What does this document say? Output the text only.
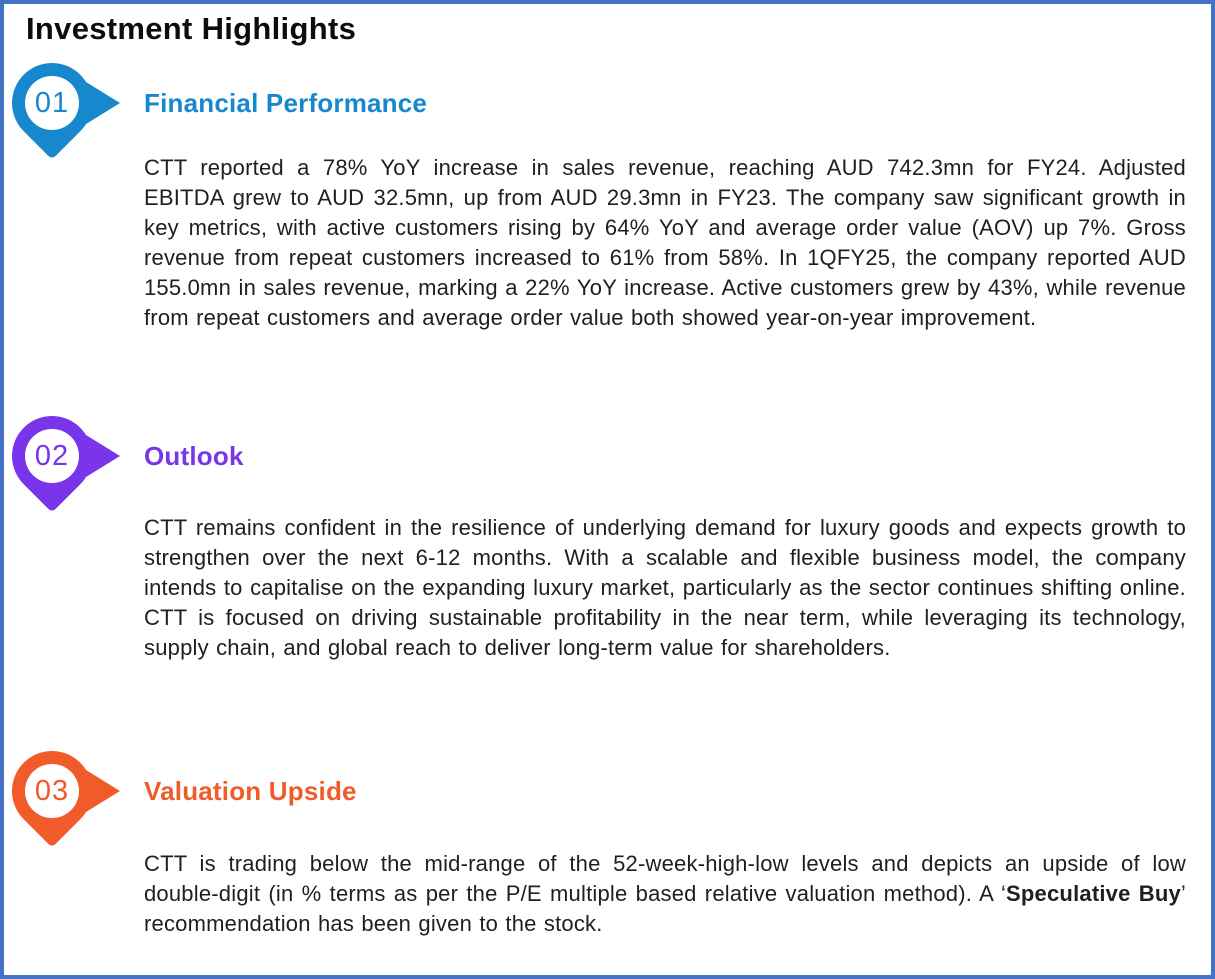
Investment Highlights
01	Financial Performance

CTT reported a 78% YoY increase in sales revenue, reaching AUD 742.3mn for FY24. Adjusted EBITDA grew to AUD 32.5mn, up from AUD 29.3mn in FY23. The company saw significant growth in key metrics, with active customers rising by 64% YoY and average order value (AOV) up 7%. Gross revenue from repeat customers increased to 61% from 58%. In 1QFY25, the company reported AUD 155.0mn in sales revenue, marking a 22% YoY increase. Active customers grew by 43%, while revenue from repeat customers and average order value both showed year-on-year improvement.

02	Outlook

CTT remains confident in the resilience of underlying demand for luxury goods and expects growth to strengthen over the next 6-12 months. With a scalable and flexible business model, the company intends to capitalise on the expanding luxury market, particularly as the sector continues shifting online. CTT is focused on driving sustainable profitability in the near term, while leveraging its technology, supply chain, and global reach to deliver long-term value for shareholders.

03	Valuation Upside

CTT is trading below the mid-range of the 52-week-high-low levels and depicts an upside of low double-digit (in % terms as per the P/E multiple based relative valuation method). A ‘Speculative Buy’ recommendation has been given to the stock.
